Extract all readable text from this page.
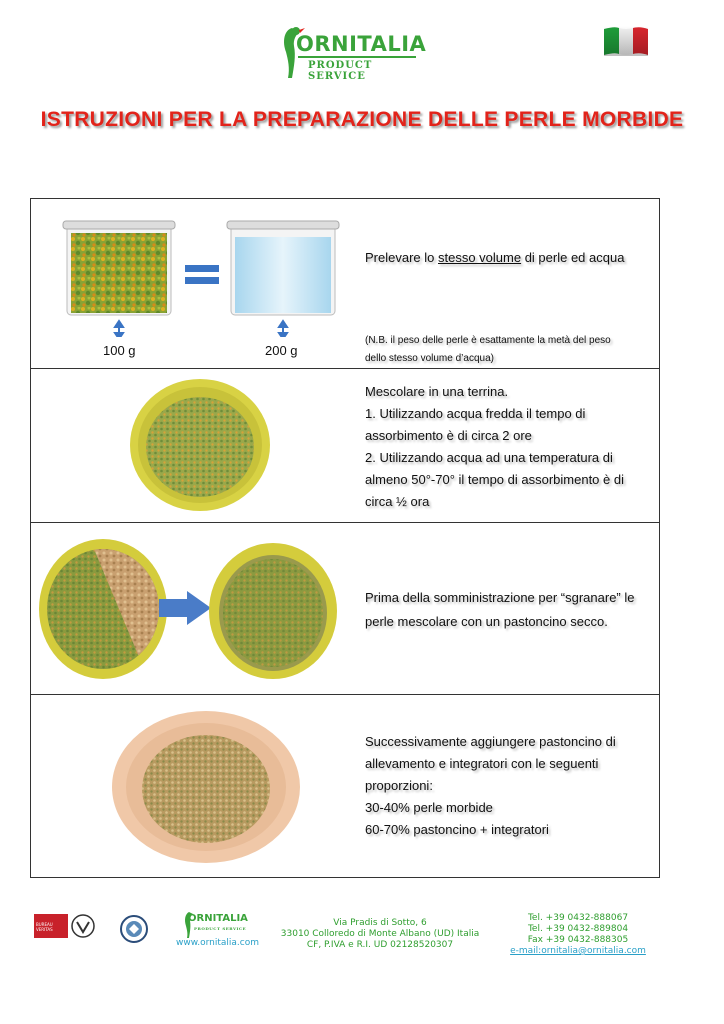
ORNITALIA
PRODUCT SERVICE
ISTRUZIONI PER LA PREPARAZIONE DELLE PERLE MORBIDE
100 g	200 g
Prelevare lo stesso volume di perle ed acqua
(N.B. il peso delle perle è esattamente la metà del peso
dello stesso volume d’acqua)
Mescolare in una terrina.
1. Utilizzando acqua fredda il tempo di
assorbimento è di circa 2 ore
2. Utilizzando acqua ad una temperatura di
almeno 50°-70° il tempo di assorbimento è di
circa ½ ora
Prima della somministrazione per “sgranare” le
perle mescolare con un pastoncino secco.
Successivamente aggiungere pastoncino di
allevamento e integratori con le seguenti
proporzioni:
30-40% perle morbide
60-70% pastoncino + integratori
BUREAU VERITAS
ORNITALIA
PRODUCT SERVICE
www.ornitalia.com
Via Pradis di Sotto, 6
33010 Colloredo di Monte Albano (UD) Italia
CF, P.IVA e R.I. UD 02128520307
Tel. +39 0432-888067
Tel. +39 0432-889804
Fax +39 0432-888305
e-mail:ornitalia@ornitalia.com
